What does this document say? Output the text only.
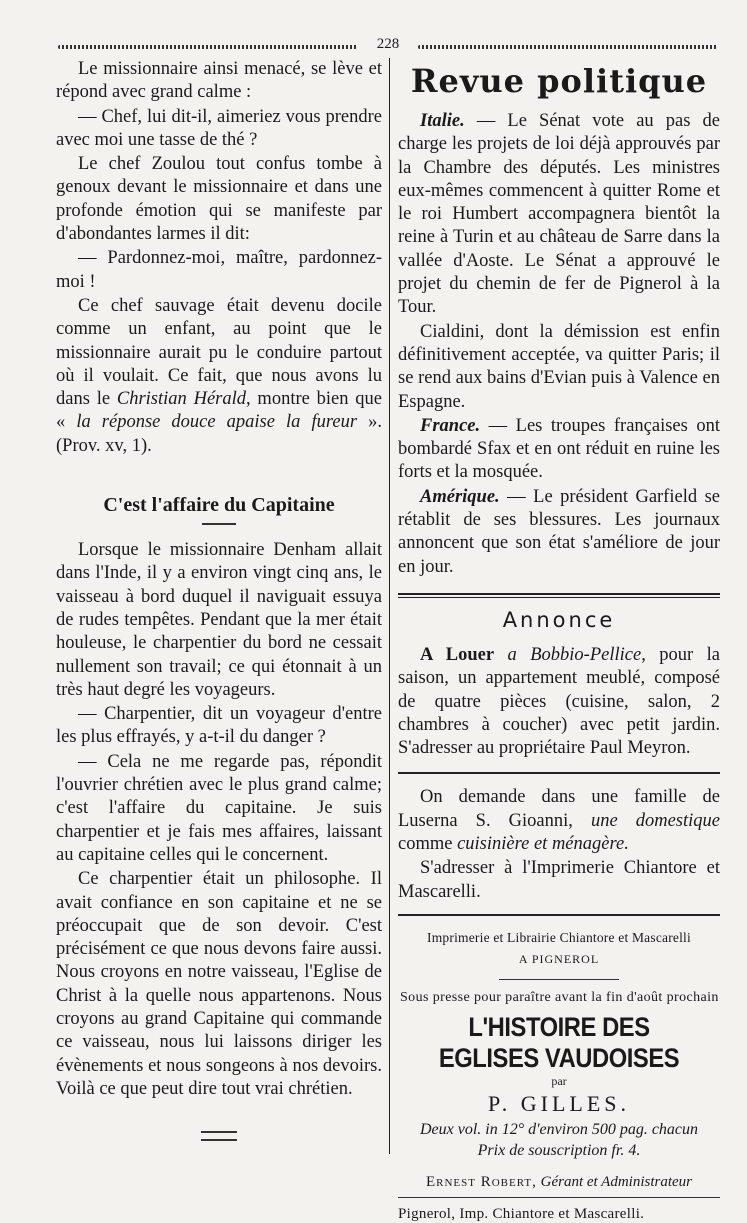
228

Le missionnaire ainsi menacé, se lève et répond avec grand calme :

— Chef, lui dit-il, aimeriez vous prendre avec moi une tasse de thé ?

Le chef Zoulou tout confus tombe à genoux devant le missionnaire et dans une profonde émotion qui se manifeste par d'abondantes larmes il dit:

— Pardonnez-moi, maître, pardonnez-moi !

Ce chef sauvage était devenu docile comme un enfant, au point que le missionnaire aurait pu le conduire partout où il voulait. Ce fait, que nous avons lu dans le Christian Hérald, montre bien que « la réponse douce apaise la fureur ». (Prov. xv, 1).

C'est l'affaire du Capitaine

Lorsque le missionnaire Denham allait dans l'Inde, il y a environ vingt cinq ans, le vaisseau à bord duquel il naviguait essuya de rudes tempêtes. Pendant que la mer était houleuse, le charpentier du bord ne cessait nullement son travail; ce qui étonnait à un très haut degré les voyageurs.

— Charpentier, dit un voyageur d'entre les plus effrayés, y a-t-il du danger ?

— Cela ne me regarde pas, répondit l'ouvrier chrétien avec le plus grand calme; c'est l'affaire du capitaine. Je suis charpentier et je fais mes affaires, laissant au capitaine celles qui le concernent.

Ce charpentier était un philosophe. Il avait confiance en son capitaine et ne se préoccupait que de son devoir. C'est précisément ce que nous devons faire aussi. Nous croyons en notre vaisseau, l'Eglise de Christ à la quelle nous appartenons. Nous croyons au grand Capitaine qui commande ce vaisseau, nous lui laissons diriger les évènements et nous songeons à nos devoirs. Voilà ce que peut dire tout vrai chrétien.

Revue politique

Italie. — Le Sénat vote au pas de charge les projets de loi déjà approuvés par la Chambre des députés. Les ministres eux-mêmes commencent à quitter Rome et le roi Humbert accompagnera bientôt la reine à Turin et au château de Sarre dans la vallée d'Aoste. Le Sénat a approuvé le projet du chemin de fer de Pignerol à la Tour.

Cialdini, dont la démission est enfin définitivement acceptée, va quitter Paris; il se rend aux bains d'Evian puis à Valence en Espagne.

France. — Les troupes françaises ont bombardé Sfax et en ont réduit en ruine les forts et la mosquée.

Amérique. — Le président Garfield se rétablit de ses blessures. Les journaux annoncent que son état s'améliore de jour en jour.

Annonce

A Louer a Bobbio-Pellice, pour la saison, un appartement meublé, composé de quatre pièces (cuisine, salon, 2 chambres à coucher) avec petit jardin. S'adresser au propriétaire Paul Meyron.

On demande dans une famille de Luserna S. Gioanni, une domestique comme cuisinière et ménagère.

S'adresser à l'Imprimerie Chiantore et Mascarelli.

Imprimerie et Librairie Chiantore et Mascarelli
A PIGNEROL
Sous presse pour paraître avant la fin d'août prochain
L'HISTOIRE DES EGLISES VAUDOISES
par
P. GILLES.
Deux vol. in 12° d'environ 500 pag. chacun
Prix de souscription fr. 4.
Ernest Robert, Gérant et Administrateur
Pignerol, Imp. Chiantore et Mascarelli.
